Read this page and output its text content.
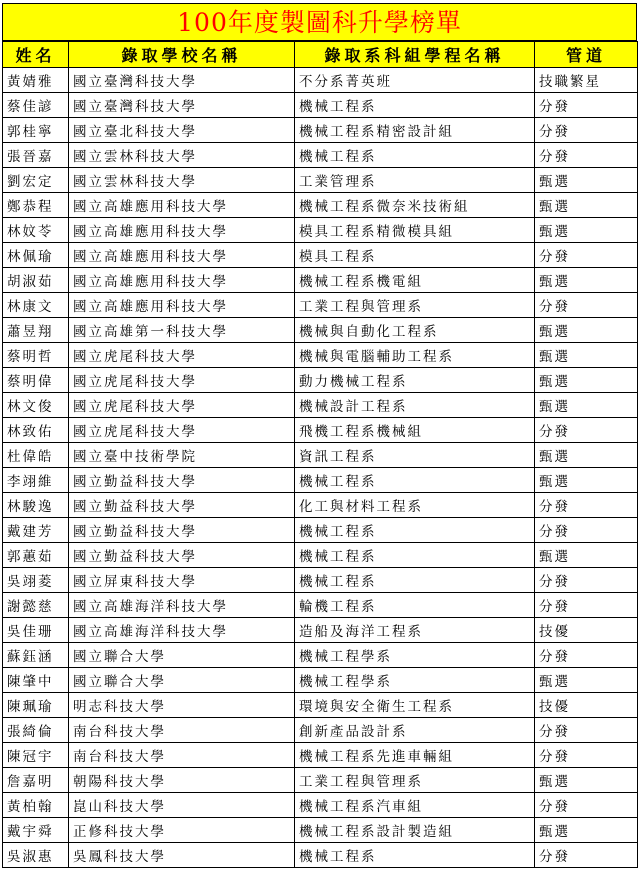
100年度製圖科升學榜單
姓名	錄取學校名稱	錄取系科組學程名稱	管道
黃婧雅	國立臺灣科技大學	不分系菁英班	技職繁星
蔡佳諺	國立臺灣科技大學	機械工程系	分發
郭桂寧	國立臺北科技大學	機械工程系精密設計組	分發
張晉嘉	國立雲林科技大學	機械工程系	分發
劉宏定	國立雲林科技大學	工業管理系	甄選
鄭恭程	國立高雄應用科技大學	機械工程系微奈米技術組	甄選
林妏苓	國立高雄應用科技大學	模具工程系精微模具組	甄選
林佩瑜	國立高雄應用科技大學	模具工程系	分發
胡淑茹	國立高雄應用科技大學	機械工程系機電組	甄選
林康文	國立高雄應用科技大學	工業工程與管理系	分發
蕭昱翔	國立高雄第一科技大學	機械與自動化工程系	甄選
蔡明哲	國立虎尾科技大學	機械與電腦輔助工程系	甄選
蔡明偉	國立虎尾科技大學	動力機械工程系	甄選
林文俊	國立虎尾科技大學	機械設計工程系	甄選
林致佑	國立虎尾科技大學	飛機工程系機械組	分發
杜偉皓	國立臺中技術學院	資訊工程系	甄選
李翊維	國立勤益科技大學	機械工程系	甄選
林駿逸	國立勤益科技大學	化工與材料工程系	分發
戴建芳	國立勤益科技大學	機械工程系	分發
郭蕙茹	國立勤益科技大學	機械工程系	甄選
吳翊菱	國立屏東科技大學	機械工程系	分發
謝懿慈	國立高雄海洋科技大學	輪機工程系	分發
吳佳珊	國立高雄海洋科技大學	造船及海洋工程系	技優
蘇鈺涵	國立聯合大學	機械工程學系	分發
陳肇中	國立聯合大學	機械工程學系	甄選
陳珮瑜	明志科技大學	環境與安全衛生工程系	技優
張綺倫	南台科技大學	創新產品設計系	分發
陳冠宇	南台科技大學	機械工程系先進車輛組	分發
詹嘉明	朝陽科技大學	工業工程與管理系	甄選
黃柏翰	崑山科技大學	機械工程系汽車組	分發
戴宇舜	正修科技大學	機械工程系設計製造組	甄選
吳淑惠	吳鳳科技大學	機械工程系	分發
